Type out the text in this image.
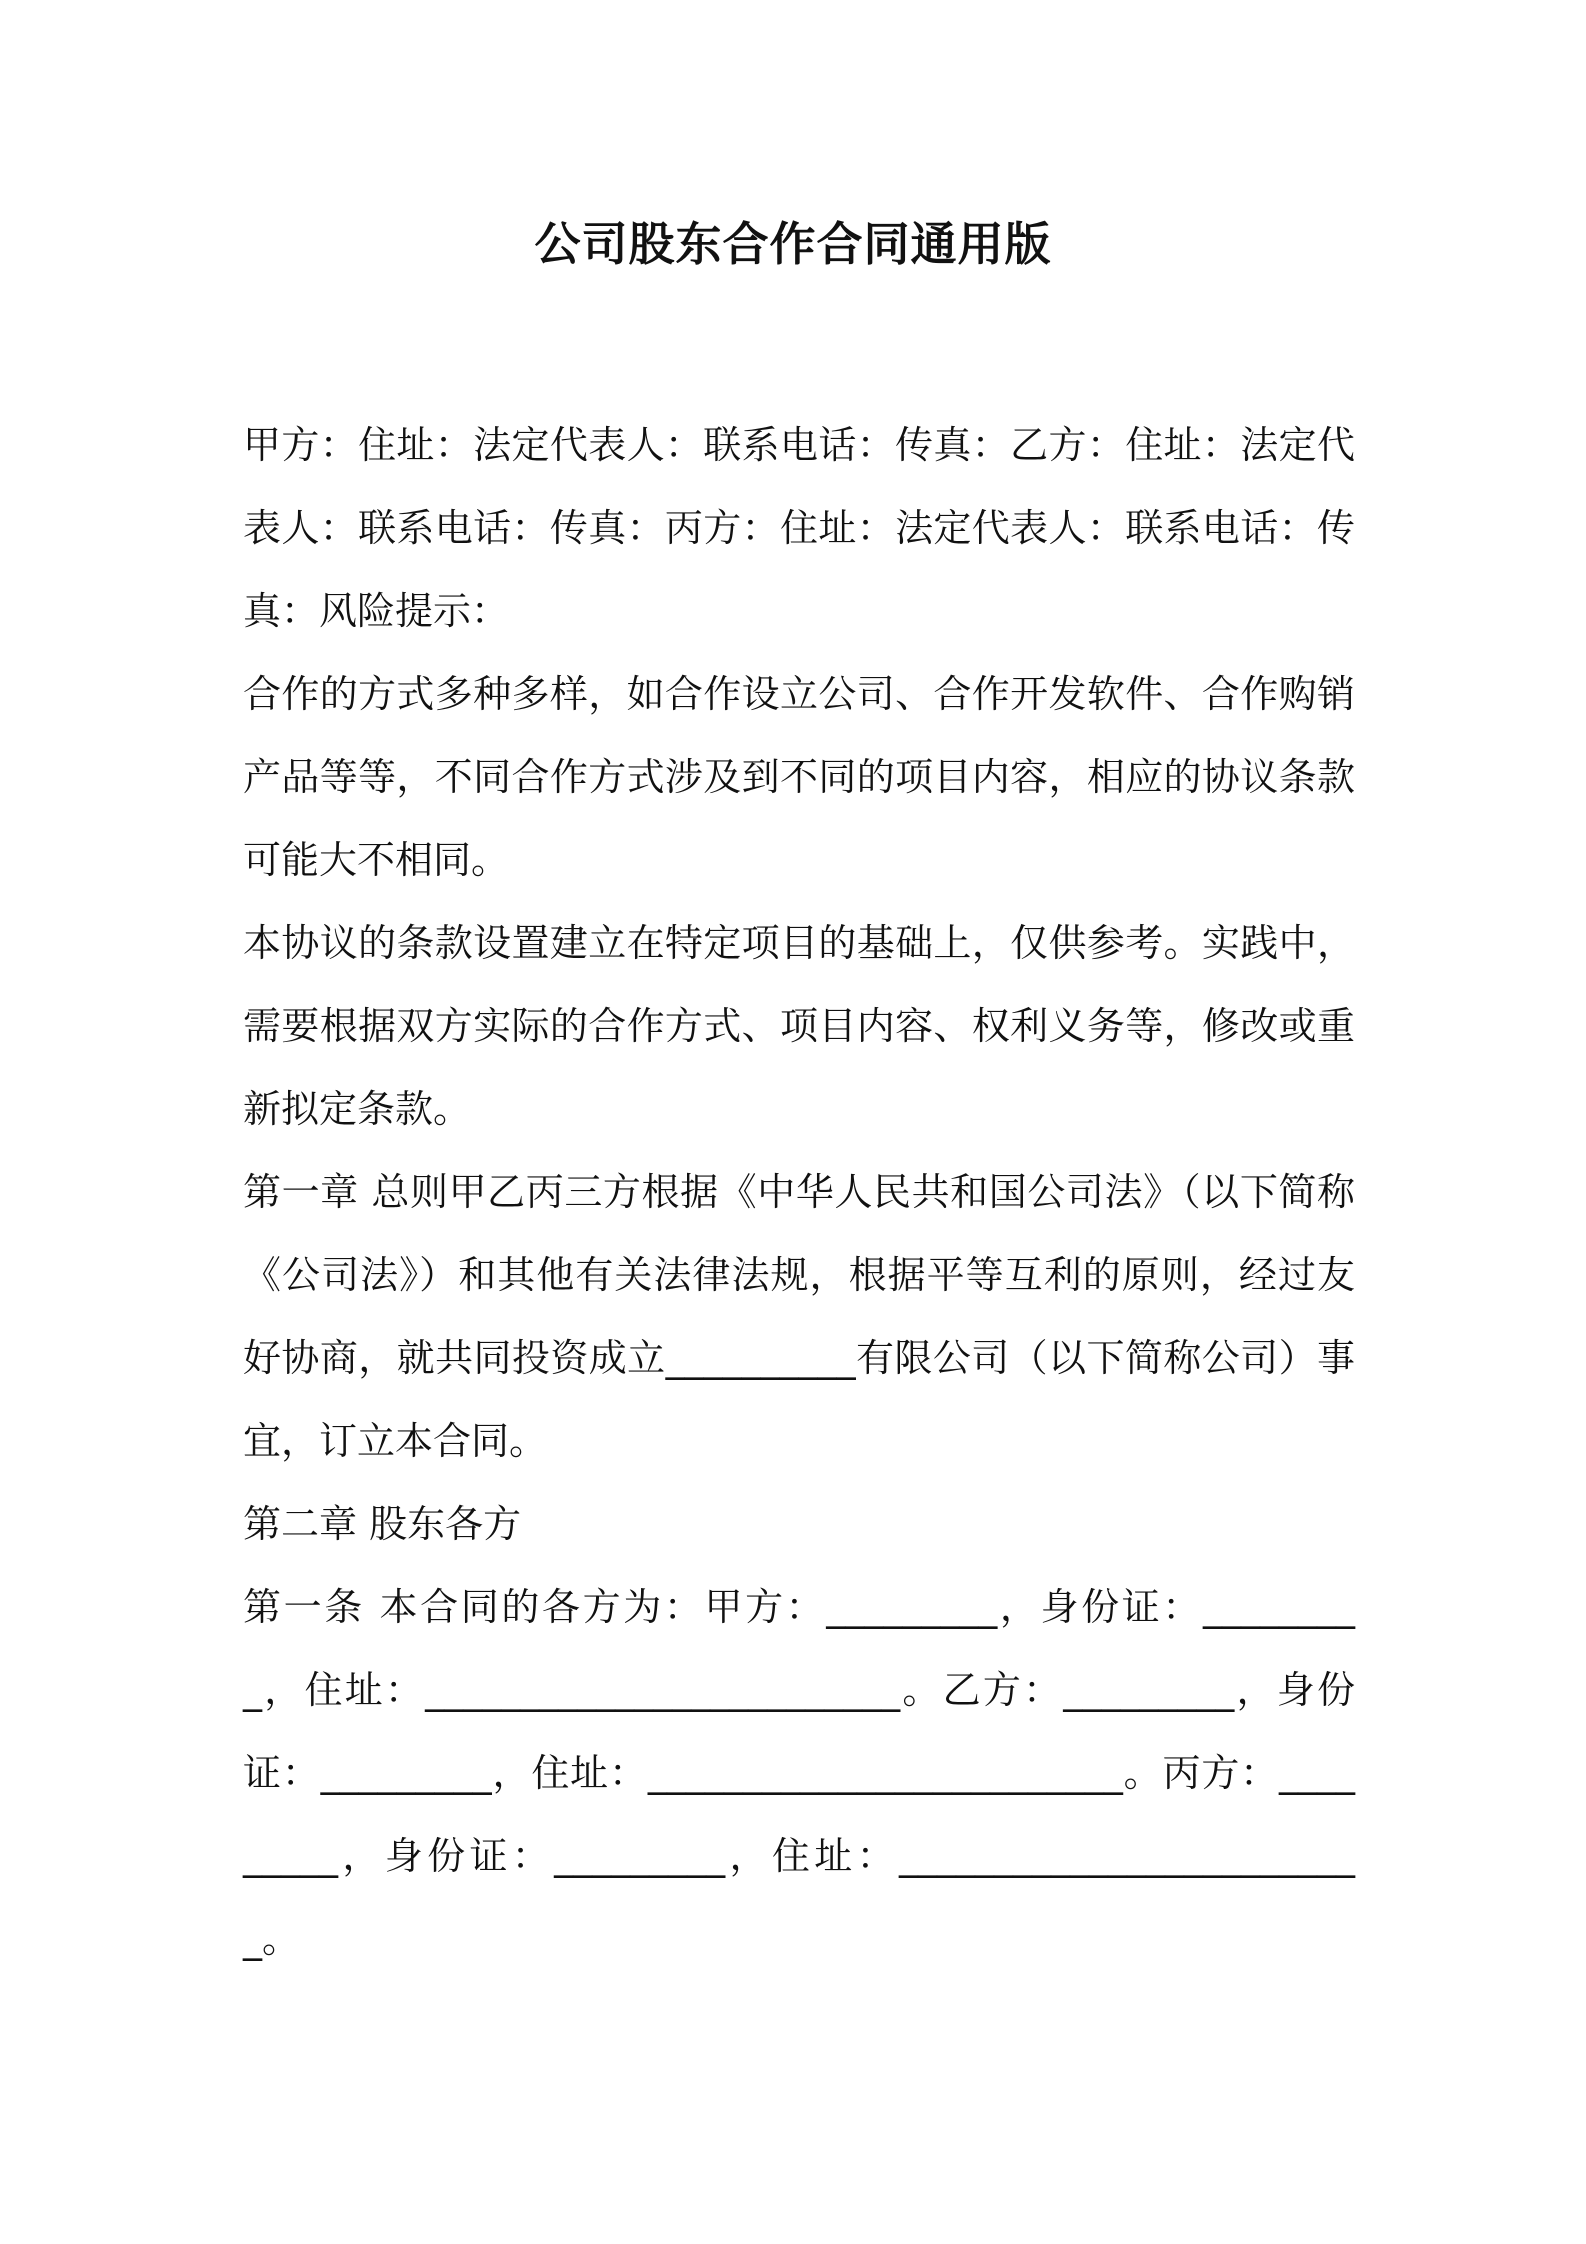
公司股东合作合同通用版

甲方：住址：法定代表人：联系电话：传真：乙方：住址：法定代表人：联系电话：传真：丙方：住址：法定代表人：联系电话：传真：风险提示：

合作的方式多种多样，如合作设立公司、合作开发软件、合作购销产品等等，不同合作方式涉及到不同的项目内容，相应的协议条款可能大不相同。

本协议的条款设置建立在特定项目的基础上，仅供参考。实践中，需要根据双方实际的合作方式、项目内容、权利义务等，修改或重新拟定条款。

第一章 总则甲乙丙三方根据《中华人民共和国公司法》（以下简称《公司法》）和其他有关法律法规，根据平等互利的原则，经过友好协商，就共同投资成立__________有限公司（以下简称公司）事宜，订立本合同。

第二章 股东各方

第一条 本合同的各方为：甲方：_________，身份证：_________，住址：_________________________。乙方：_________，身份证：_________，住址：_________________________。丙方：_________，身份证：_________，住址：_________________________。
